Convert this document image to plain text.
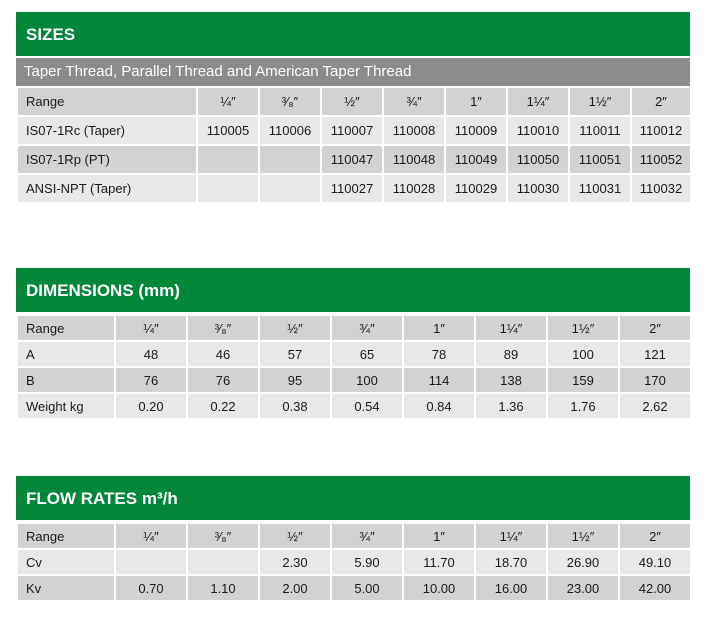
SIZES
Taper Thread, Parallel Thread and American Taper Thread
Range	¼″	³⁄₈″	½″	¾″	1″	1¼″	1½″	2″
IS07-1Rc (Taper)	110005	110006	110007	110008	110009	110010	110011	110012
IS07-1Rp (PT)			110047	110048	110049	110050	110051	110052
ANSI-NPT (Taper)			110027	110028	110029	110030	110031	110032
DIMENSIONS (mm)
Range	¼″	³⁄₈″	½″	¾″	1″	1¼″	1½″	2″
A	48	46	57	65	78	89	100	121
B	76	76	95	100	114	138	159	170
Weight kg	0.20	0.22	0.38	0.54	0.84	1.36	1.76	2.62
FLOW RATES m³/h
Range	¼″	³⁄₈″	½″	¾″	1″	1¼″	1½″	2″
Cv			2.30	5.90	11.70	18.70	26.90	49.10
Kv	0.70	1.10	2.00	5.00	10.00	16.00	23.00	42.00
